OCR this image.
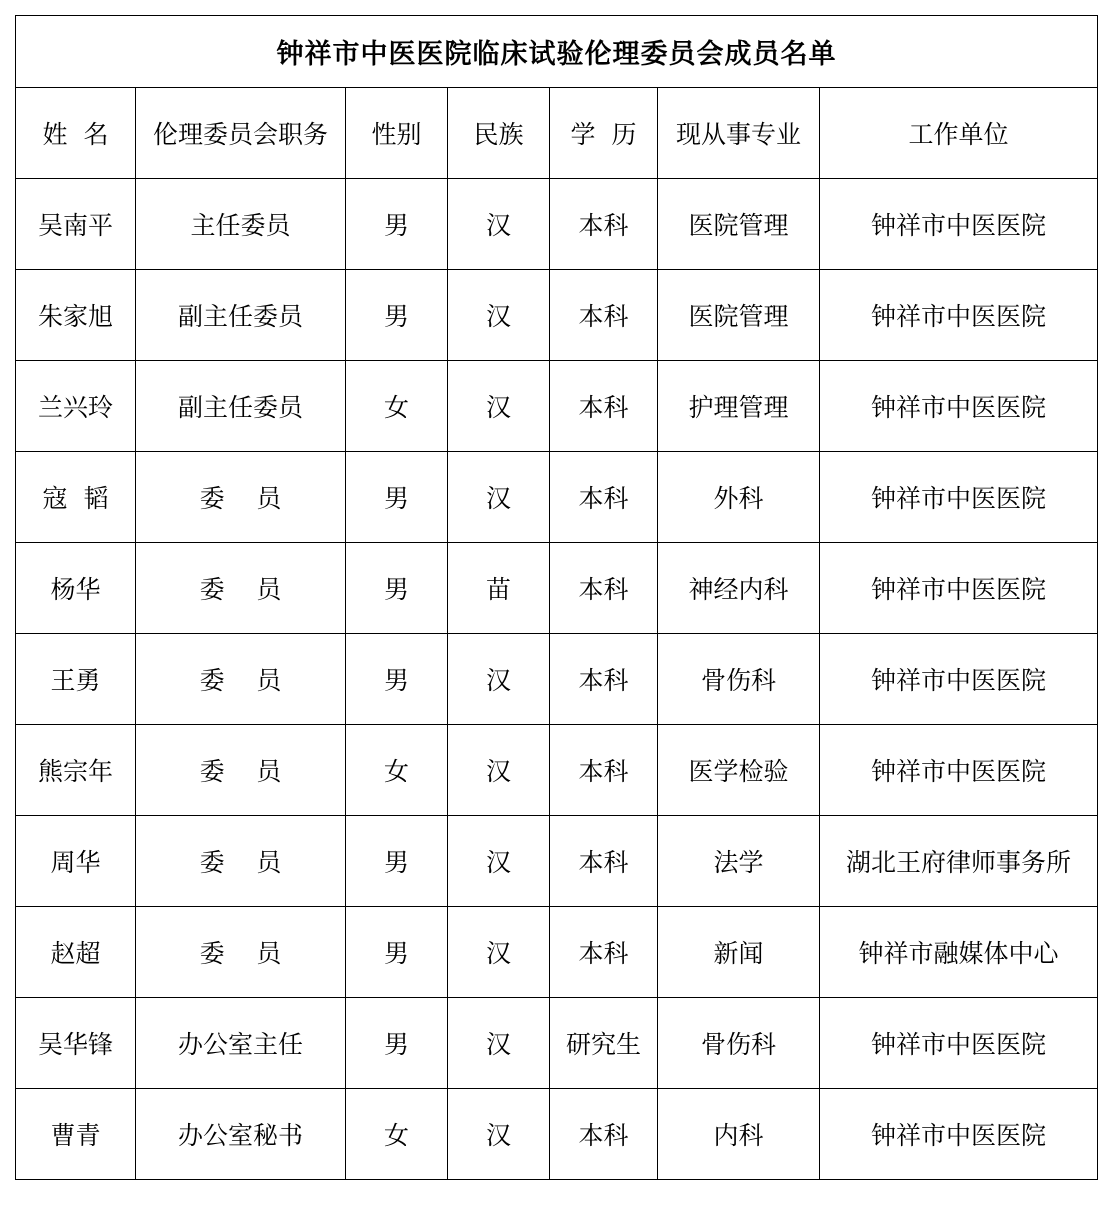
钟祥市中医医院临床试验伦理委员会成员名单						
姓  名	伦理委员会职务	性别	民族	学  历	现从事专业	工作单位
吴南平	主任委员	男	汉	本科	医院管理	钟祥市中医医院
朱家旭	副主任委员	男	汉	本科	医院管理	钟祥市中医医院
兰兴玲	副主任委员	女	汉	本科	护理管理	钟祥市中医医院
寇  韬	委    员	男	汉	本科	外科	钟祥市中医医院
杨华	委    员	男	苗	本科	神经内科	钟祥市中医医院
王勇	委    员	男	汉	本科	骨伤科	钟祥市中医医院
熊宗年	委    员	女	汉	本科	医学检验	钟祥市中医医院
周华	委    员	男	汉	本科	法学	湖北王府律师事务所
赵超	委    员	男	汉	本科	新闻	钟祥市融媒体中心
吴华锋	办公室主任	男	汉	研究生	骨伤科	钟祥市中医医院
曹青	办公室秘书	女	汉	本科	内科	钟祥市中医医院
